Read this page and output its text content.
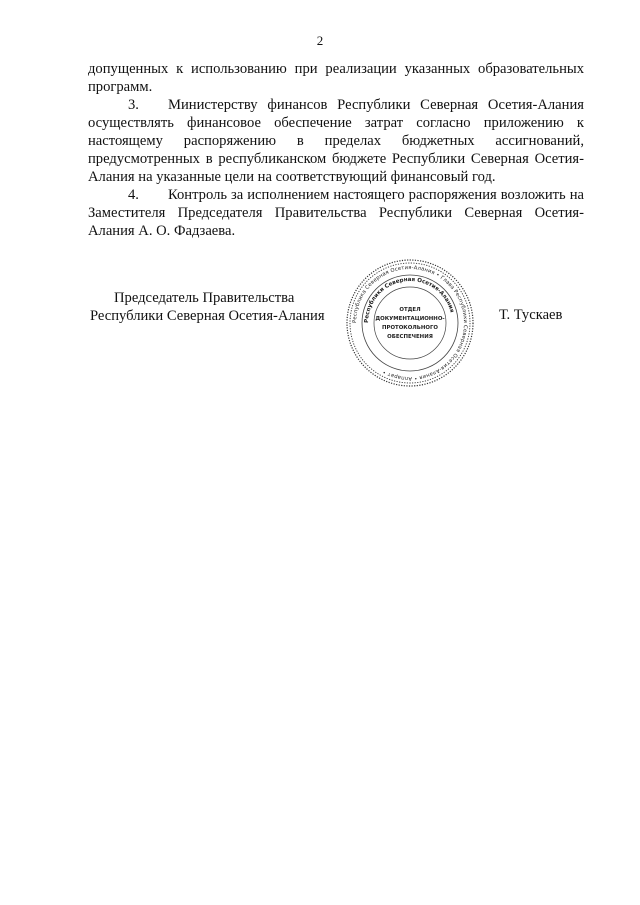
2

допущенных к использованию при реализации указанных образовательных программ.

3. Министерству финансов Республики Северная Осетия-Алания осуществлять финансовое обеспечение затрат согласно приложению к настоящему распоряжению в пределах бюджетных ассигнований, предусмотренных в республиканском бюджете Республики Северная Осетия-Алания на указанные цели на соответствующий финансовый год.

4. Контроль за исполнением настоящего распоряжения возложить на Заместителя Председателя Правительства Республики Северная Осетия-Алания А. О. Фадзаева.

Председатель Правительства
Республики Северная Осетия-Алания	Республика Северная Осетия-Алания • Глава Республики Северная Осетия-Алания • Аппарат •
Республики Северная Осетия-Алания
ОТДЕЛ
ДОКУМЕНТАЦИОННО-
ПРОТОКОЛЬНОГО
ОБЕСПЕЧЕНИЯ
Т. Тускаев
